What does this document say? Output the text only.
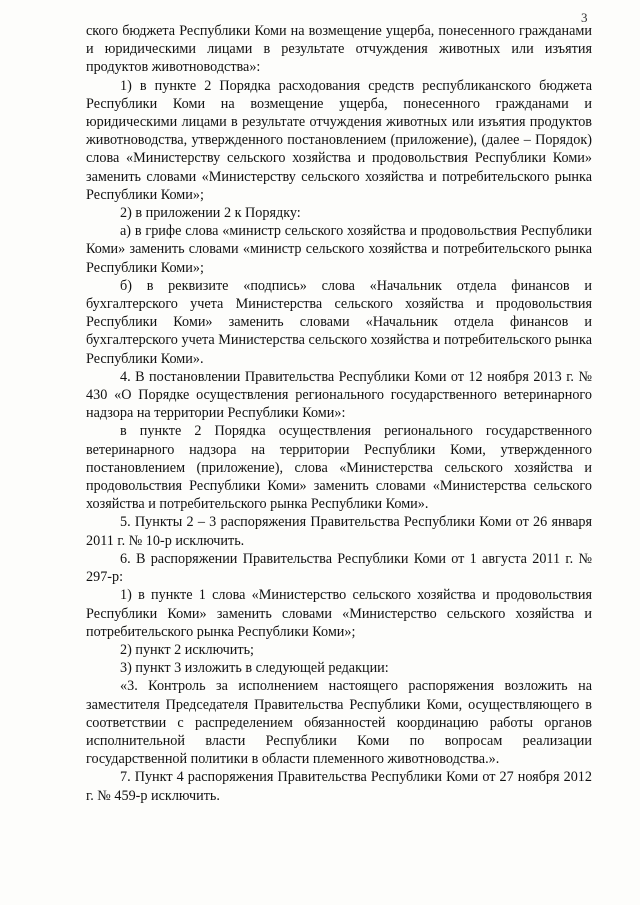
3

ского бюджета Республики Коми на возмещение ущерба, понесенного гражданами и юридическими лицами в результате отчуждения животных или изъятия продуктов животноводства»:

1) в пункте 2 Порядка расходования средств республиканского бюджета Республики Коми на возмещение ущерба, понесенного гражданами и юридическими лицами в результате отчуждения животных или изъятия продуктов животноводства, утвержденного постановлением (приложение), (далее – Порядок) слова «Министерству сельского хозяйства и продовольствия Республики Коми» заменить словами «Министерству сельского хозяйства и потребительского рынка Республики Коми»;

2) в приложении 2 к Порядку:

а) в грифе слова «министр сельского хозяйства и продовольствия Республики Коми» заменить словами «министр сельского хозяйства и потребительского рынка Республики Коми»;

б) в реквизите «подпись» слова «Начальник отдела финансов и бухгалтерского учета Министерства сельского хозяйства и продовольствия Республики Коми» заменить словами «Начальник отдела финансов и бухгалтерского учета Министерства сельского хозяйства и потребительского рынка Республики Коми».

4. В постановлении Правительства Республики Коми от 12 ноября 2013 г. № 430 «О Порядке осуществления регионального государственного ветеринарного надзора на территории Республики Коми»:

в пункте 2 Порядка осуществления регионального государственного ветеринарного надзора на территории Республики Коми, утвержденного постановлением (приложение), слова «Министерства сельского хозяйства и продовольствия Республики Коми» заменить словами «Министерства сельского хозяйства и потребительского рынка Республики Коми».

5. Пункты 2 – 3 распоряжения Правительства Республики Коми от 26 января 2011 г. № 10-р исключить.

6. В распоряжении Правительства Республики Коми от 1 августа 2011 г. № 297-р:

1) в пункте 1 слова «Министерство сельского хозяйства и продовольствия Республики Коми» заменить словами «Министерство сельского хозяйства и потребительского рынка Республики Коми»;

2) пункт 2 исключить;

3) пункт 3 изложить в следующей редакции:

«3. Контроль за исполнением настоящего распоряжения возложить на заместителя Председателя Правительства Республики Коми, осуществляющего в соответствии с распределением обязанностей координацию работы органов исполнительной власти Республики Коми по вопросам реализации государственной политики в области племенного животноводства.».

7. Пункт 4 распоряжения Правительства Республики Коми от 27 ноября 2012 г. № 459-р исключить.
